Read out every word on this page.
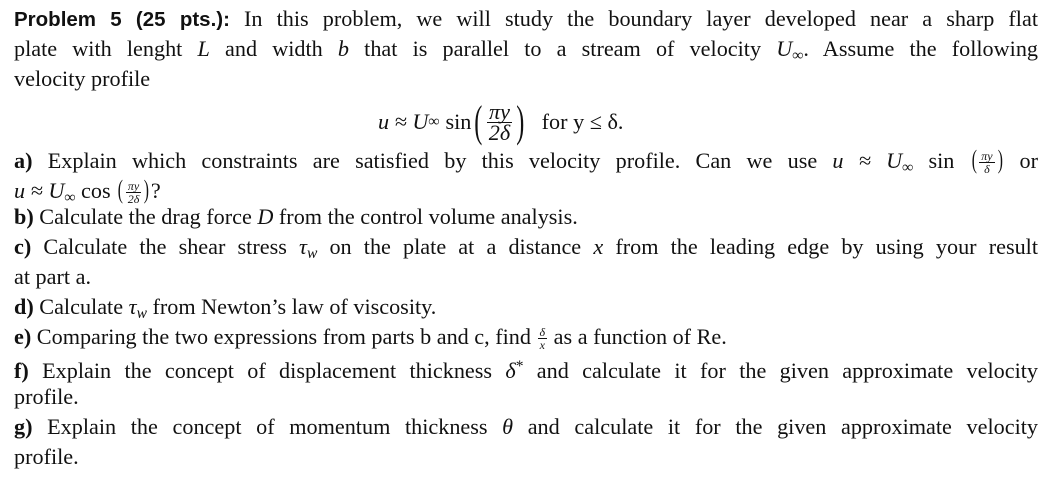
Problem 5 (25 pts.): In this problem, we will study the boundary layer developed near a sharp flat
plate with lenght L and width b that is parallel to a stream of velocity $U_\infty$. Assume the following
velocity profile
u ≈ U ∞ sin ( $\frac{\pi y}{2\delta}$ ) for y ≤ δ.
a) Explain which constraints are satisfied by this velocity profile. Can we use $u \approx U_\infty$ sin ( $\frac{\pi y}{\delta}$ ) or
$u \approx U_\infty$ cos ( $\frac{\pi y}{2\delta}$ )?
b) Calculate the drag force D from the control volume analysis.
c) Calculate the shear stress $\tau_w$ on the plate at a distance x from the leading edge by using your result
at part a.
d) Calculate $\tau_w$ from Newton’s law of viscosity.
e) Comparing the two expressions from parts b and c, find $\frac{\delta}{x}$ as a function of Re.
f) Explain the concept of displacement thickness δ* and calculate it for the given approximate velocity
profile.
g) Explain the concept of momentum thickness θ and calculate it for the given approximate velocity
profile.
